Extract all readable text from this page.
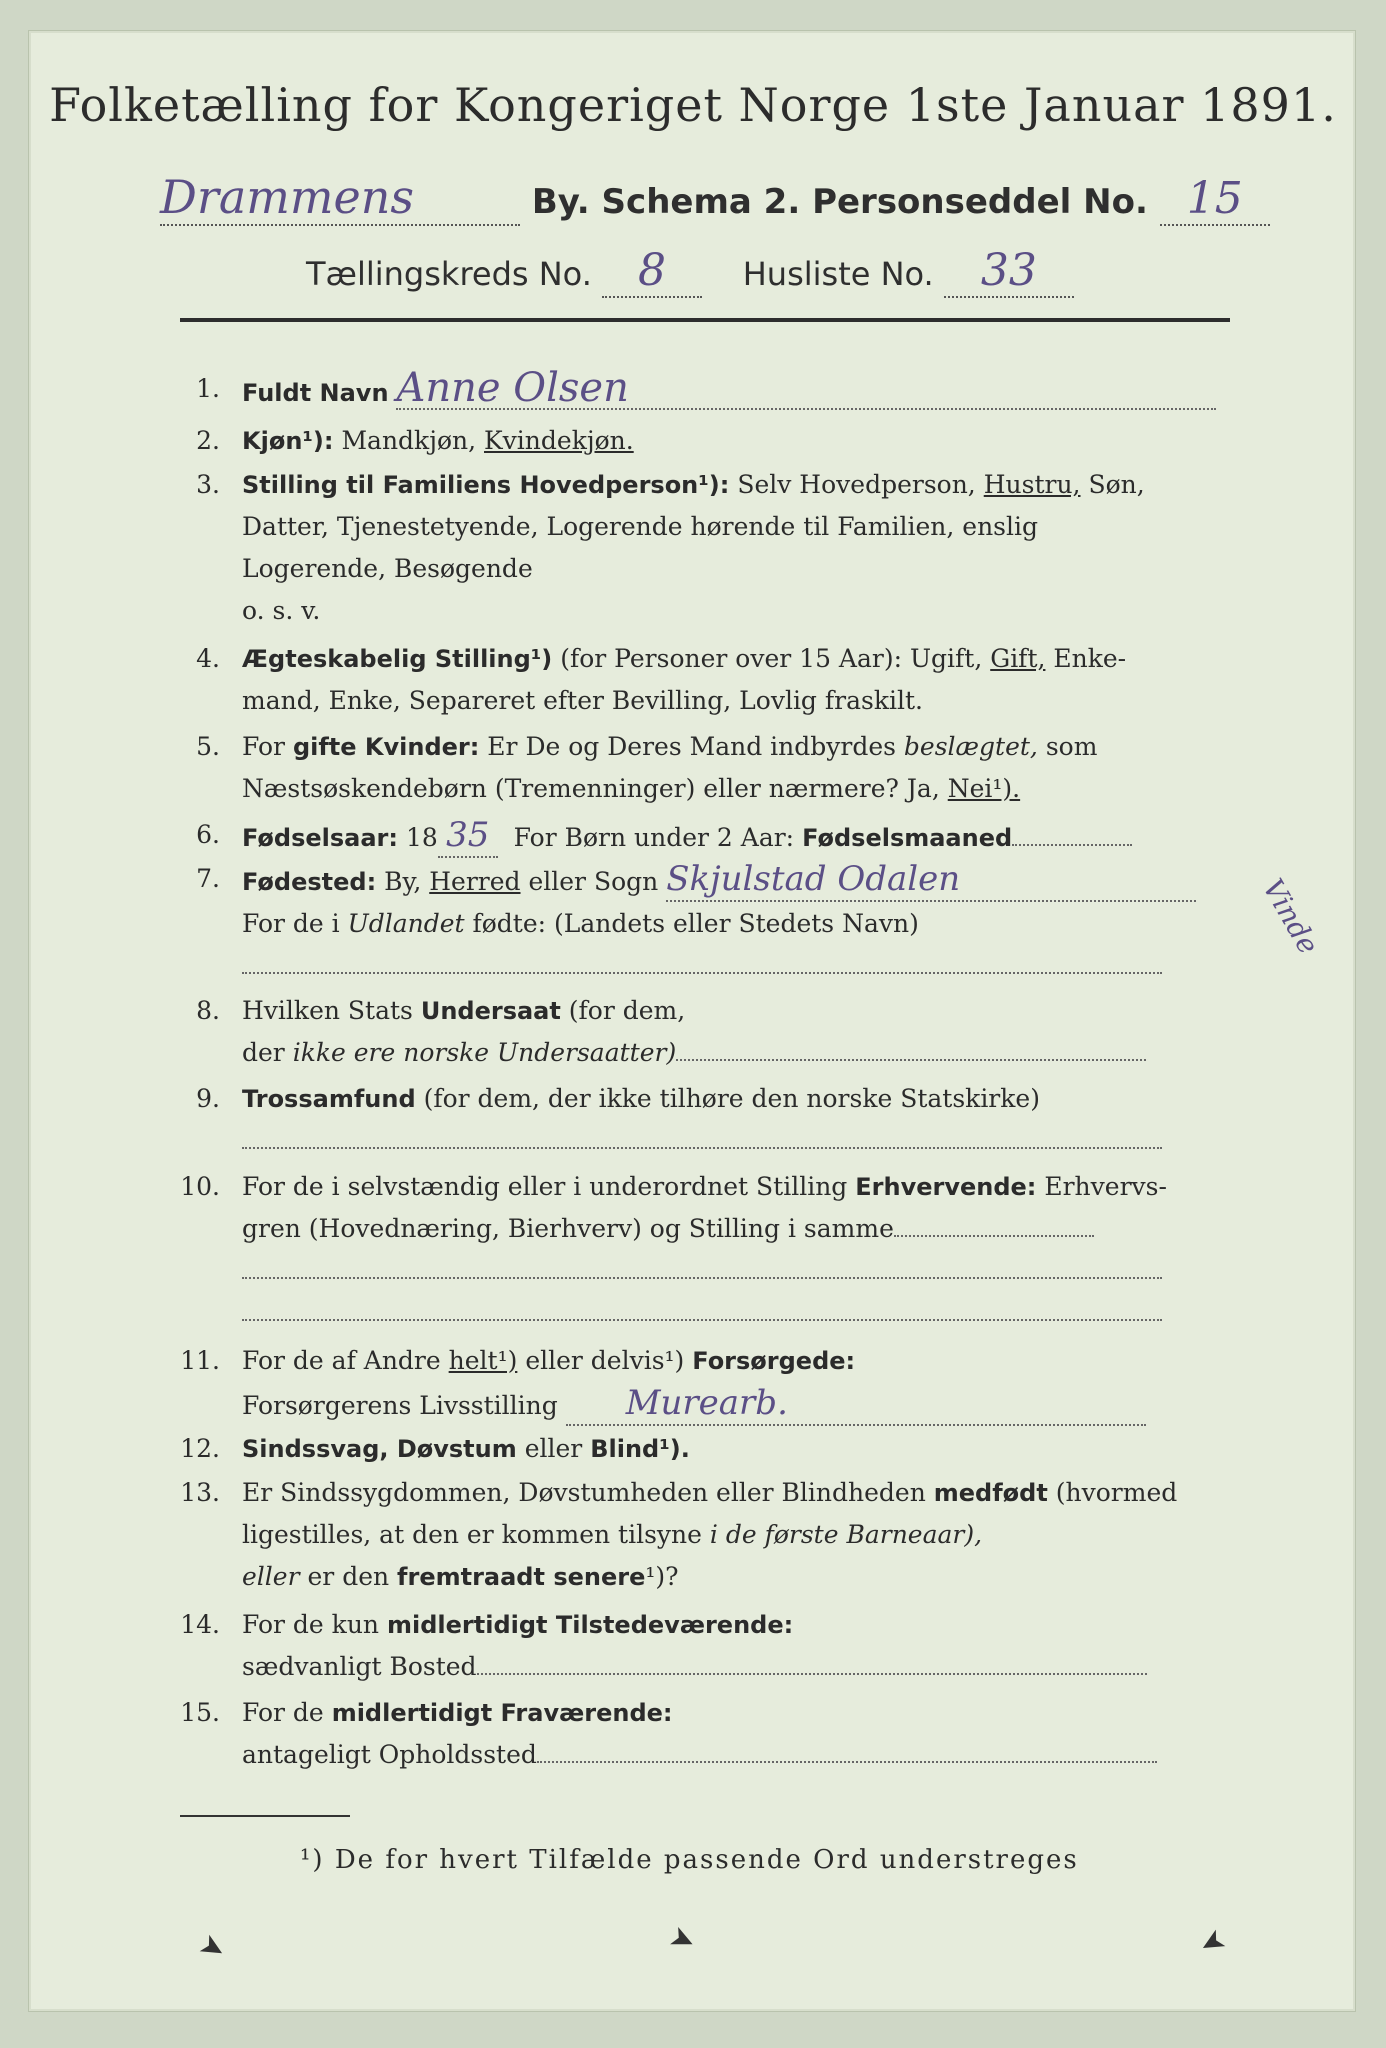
Folketælling for Kongeriget Norge 1ste Januar 1891.
Drammens	By. Schema 2. Personseddel No. 15
Tællingskreds No. 8 Husliste No. 33
1. Fuldt Navn Anne Olsen
2. Kjøn¹): Mandkjøn, Kvindekjøn.
3. Stilling til Familiens Hovedperson¹): Selv Hovedperson, Hustru, Søn,
Datter, Tjenestetyende, Logerende hørende til Familien, enslig
Logerende, Besøgende
o. s. v.
4. Ægteskabelig Stilling¹) (for Personer over 15 Aar): Ugift, Gift, Enke-
mand, Enke, Separeret efter Bevilling, Lovlig fraskilt.
5. For gifte Kvinder: Er De og Deres Mand indbyrdes beslægtet, som
Næstsøskendebørn (Tremenninger) eller nærmere? Ja, Nei¹).
6. Fødselsaar: 18 35 For Børn under 2 Aar: Fødselsmaaned
7. Fødested: By, Herred eller Sogn Skjulstad Odalen
For de i Udlandet fødte: (Landets eller Stedets Navn)	Vinde
8. Hvilken Stats Undersaat (for dem,
der ikke ere norske Undersaatter)
9. Trossamfund (for dem, der ikke tilhøre den norske Statskirke)

10. For de i selvstændig eller i underordnet Stilling Erhvervende: Erhvervs-
gren (Hovednæring, Bierhverv) og Stilling i samme

11. For de af Andre helt¹) eller delvis¹) Forsørgede:
Forsørgerens Livsstilling Murearb.
12. Sindssvag, Døvstum eller Blind¹).
13. Er Sindssygdommen, Døvstumheden eller Blindheden medfødt (hvormed
ligestilles, at den er kommen tilsyne i de første Barneaar),
eller er den fremtraadt senere¹)?
14. For de kun midlertidigt Tilstedeværende:
sædvanligt Bosted
15. For de midlertidigt Fraværende:
antageligt Opholdssted
¹) De for hvert Tilfælde passende Ord understreges
➤	➤	➤
